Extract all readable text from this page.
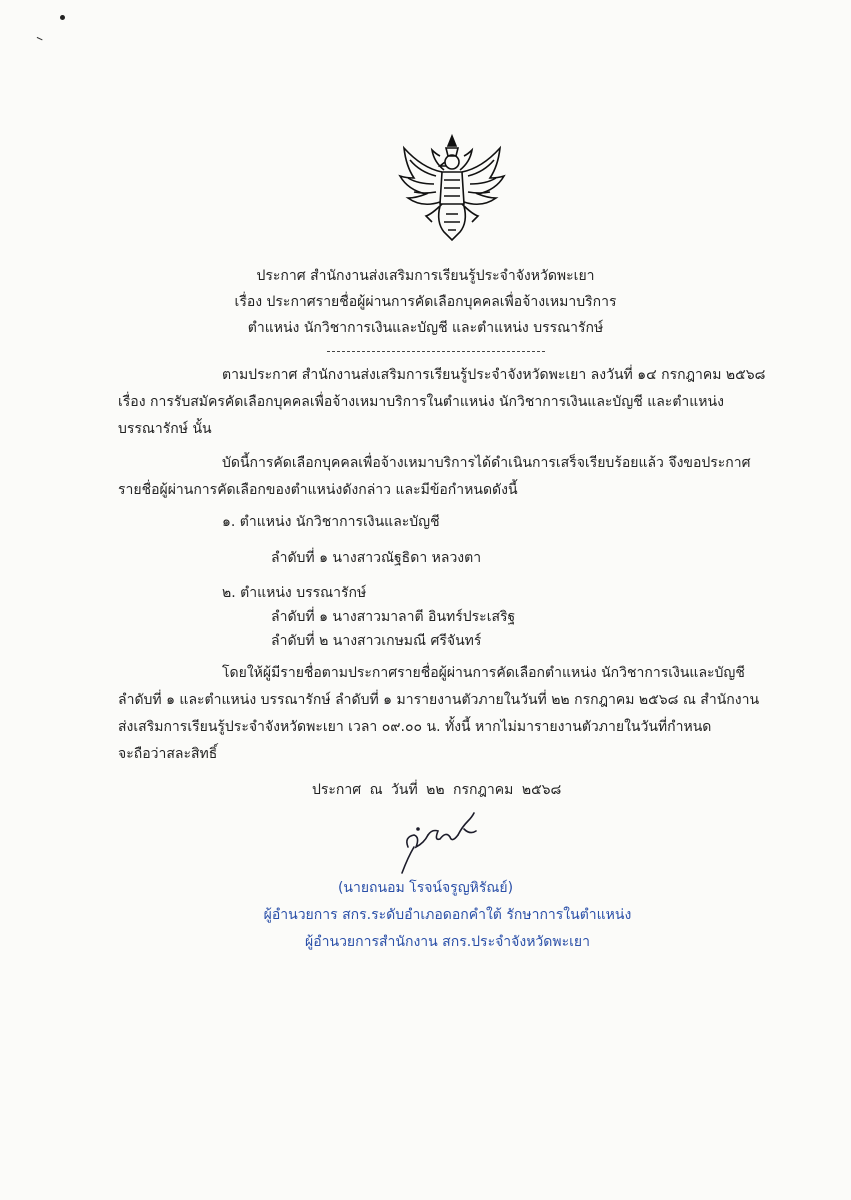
ประกาศ สำนักงานส่งเสริมการเรียนรู้ประจำจังหวัดพะเยา
เรื่อง ประกาศรายชื่อผู้ผ่านการคัดเลือกบุคคลเพื่อจ้างเหมาบริการ
ตำแหน่ง นักวิชาการเงินและบัญชี และตำแหน่ง บรรณารักษ์
ตามประกาศ สำนักงานส่งเสริมการเรียนรู้ประจำจังหวัดพะเยา ลงวันที่ ๑๔ กรกฎาคม ๒๕๖๘
เรื่อง การรับสมัครคัดเลือกบุคคลเพื่อจ้างเหมาบริการในตำแหน่ง นักวิชาการเงินและบัญชี และตำแหน่ง
บรรณารักษ์ นั้น
บัดนี้การคัดเลือกบุคคลเพื่อจ้างเหมาบริการได้ดำเนินการเสร็จเรียบร้อยแล้ว จึงขอประกาศ
รายชื่อผู้ผ่านการคัดเลือกของตำแหน่งดังกล่าว และมีข้อกำหนดดังนี้
๑. ตำแหน่ง นักวิชาการเงินและบัญชี
ลำดับที่ ๑ นางสาวณัฐธิดา หลวงตา
๒. ตำแหน่ง บรรณารักษ์
ลำดับที่ ๑ นางสาวมาลาตี อินทร์ประเสริฐ
ลำดับที่ ๒ นางสาวเกษมณี ศรีจันทร์
โดยให้ผู้มีรายชื่อตามประกาศรายชื่อผู้ผ่านการคัดเลือกตำแหน่ง นักวิชาการเงินและบัญชี
ลำดับที่ ๑ และตำแหน่ง บรรณารักษ์ ลำดับที่ ๑ มารายงานตัวภายในวันที่ ๒๒ กรกฎาคม ๒๕๖๘ ณ สำนักงาน
ส่งเสริมการเรียนรู้ประจำจังหวัดพะเยา เวลา ๐๙.๐๐ น. ทั้งนี้ หากไม่มารายงานตัวภายในวันที่กำหนด
จะถือว่าสละสิทธิ์
ประกาศ ณ วันที่ ๒๒ กรกฎาคม ๒๕๖๘
(นายถนอม โรจน์จรูญหิรัณย์)
ผู้อำนวยการ สกร.ระดับอำเภอดอกคำใต้ รักษาการในตำแหน่ง
ผู้อำนวยการสำนักงาน สกร.ประจำจังหวัดพะเยา
